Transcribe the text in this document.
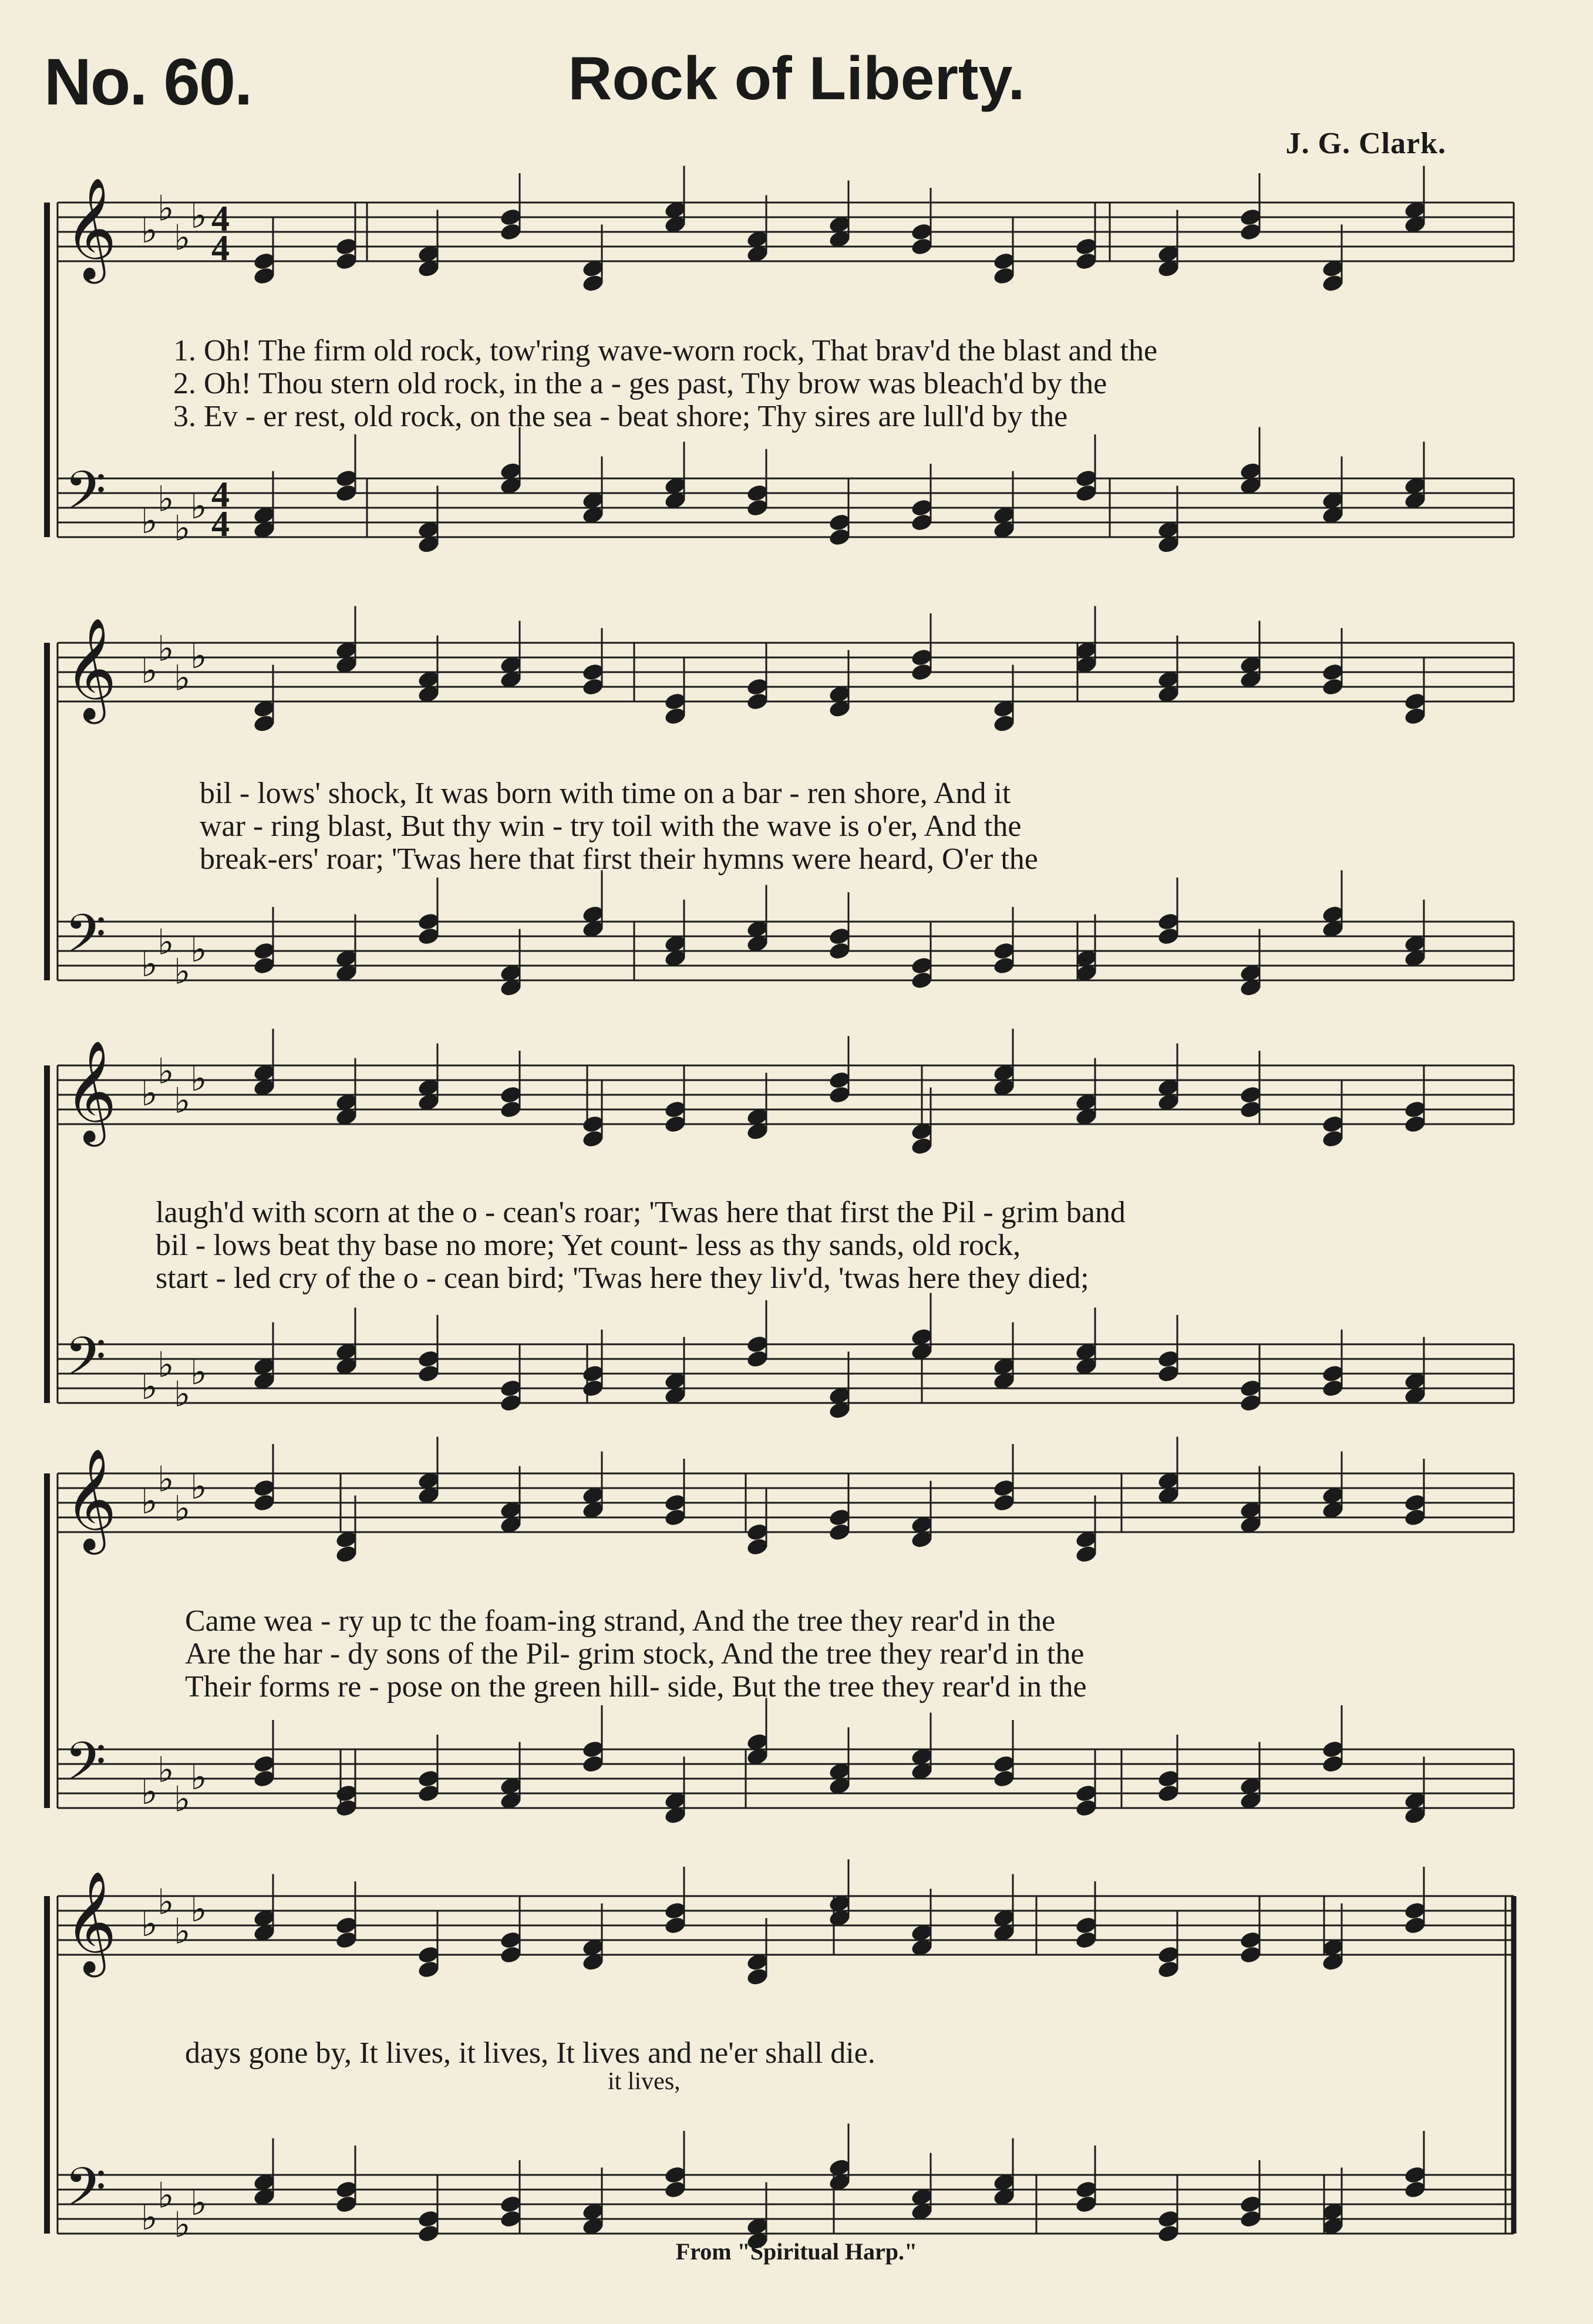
No. 60.	Rock of Liberty.
J. G. Clark.
𝄞
𝄢
♭
♭
♭
♭
♭
♭
♭
♭
4
4
4
4
𝄞
𝄢
♭
♭
♭
♭
♭
♭
♭
♭
𝄞
𝄢
♭
♭
♭
♭
♭
♭
♭
♭
𝄞
𝄢
♭
♭
♭
♭
♭
♭
♭
♭
𝄞
𝄢
♭
♭
♭
♭
♭
♭
♭
♭
1. Oh! The firm old rock, tow'ring wave-worn rock, That brav'd the blast and the
2. Oh! Thou stern old rock, in the a - ges past, Thy brow was bleach'd by the
3. Ev - er rest, old rock, on the sea - beat shore; Thy sires are lull'd by the
bil - lows' shock, It was born with time on a bar - ren shore, And it
war - ring blast, But thy win - try toil with the wave is o'er, And the
break-ers' roar; 'Twas here that first their hymns were heard, O'er the
laugh'd with scorn at the o - cean's roar; 'Twas here that first the Pil - grim band
bil - lows beat thy base no more; Yet count- less as thy sands, old rock,
start - led cry of the o - cean bird; 'Twas here they liv'd, 'twas here they died;
Came wea - ry up tc the foam-ing strand, And the tree they rear'd in the
Are the har - dy sons of the Pil- grim stock, And the tree they rear'd in the
Their forms re - pose on the green hill- side, But the tree they rear'd in the
days gone by, It lives, it lives, It lives and ne'er shall die.
it lives,
From "Spiritual Harp."
